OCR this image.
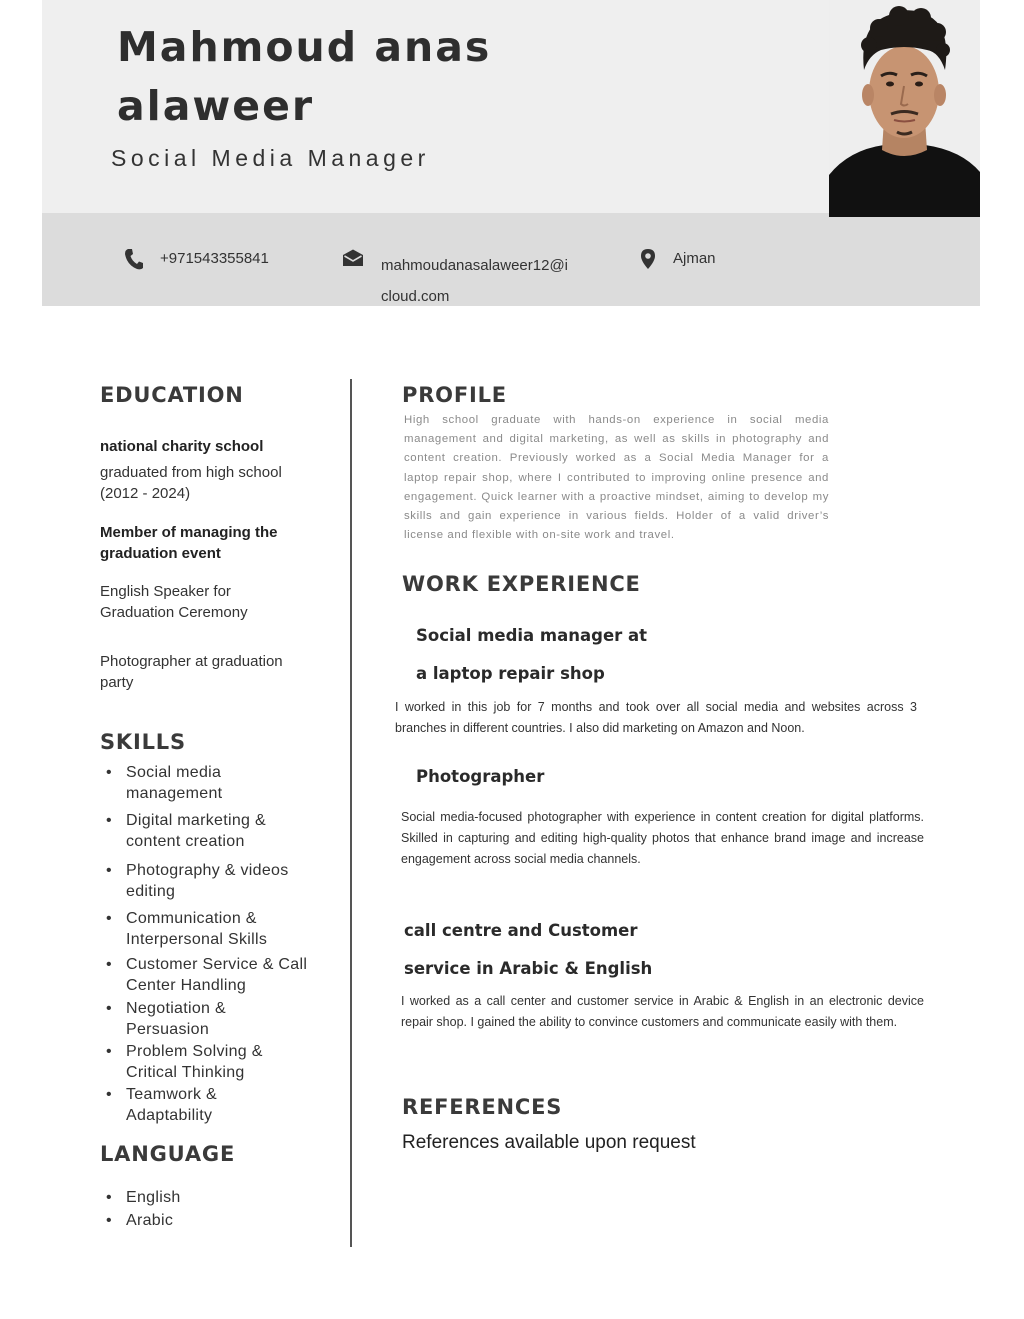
Mahmoud anas
alaweer
Social Media Manager
+971543355841	mahmoudanasalaweer12@i
cloud.com
Ajman
EDUCATION
national charity school
graduated from high school
(2012 - 2024)
Member of managing the
graduation event
English Speaker for
Graduation Ceremony
Photographer at graduation
party
SKILLS
• Social media
management
• Digital marketing &
content creation
• Photography & videos
editing
• Communication &
Interpersonal Skills
• Customer Service & Call
Center Handling
• Negotiation &
Persuasion
• Problem Solving &
Critical Thinking
• Teamwork &
Adaptability
LANGUAGE
• English
• Arabic
PROFILE
High school graduate with hands-on experience in social media management and digital marketing, as well as skills in photography and content creation. Previously worked as a Social Media Manager for a laptop repair shop, where I contributed to improving online presence and engagement. Quick learner with a proactive mindset, aiming to develop my skills and gain experience in various fields. Holder of a valid driver’s license and flexible with on-site work and travel.
WORK EXPERIENCE
Social media manager at
a laptop repair shop
I worked in this job for 7 months and took over all social media and websites across 3 branches in different countries. I also did marketing on Amazon and Noon.
Photographer
Social media-focused photographer with experience in content creation for digital platforms. Skilled in capturing and editing high-quality photos that enhance brand image and increase engagement across social media channels.
call centre and Customer
service in Arabic & English
I worked as a call center and customer service in Arabic & English in an electronic device repair shop. I gained the ability to convince customers and communicate easily with them.
REFERENCES
References available upon request
